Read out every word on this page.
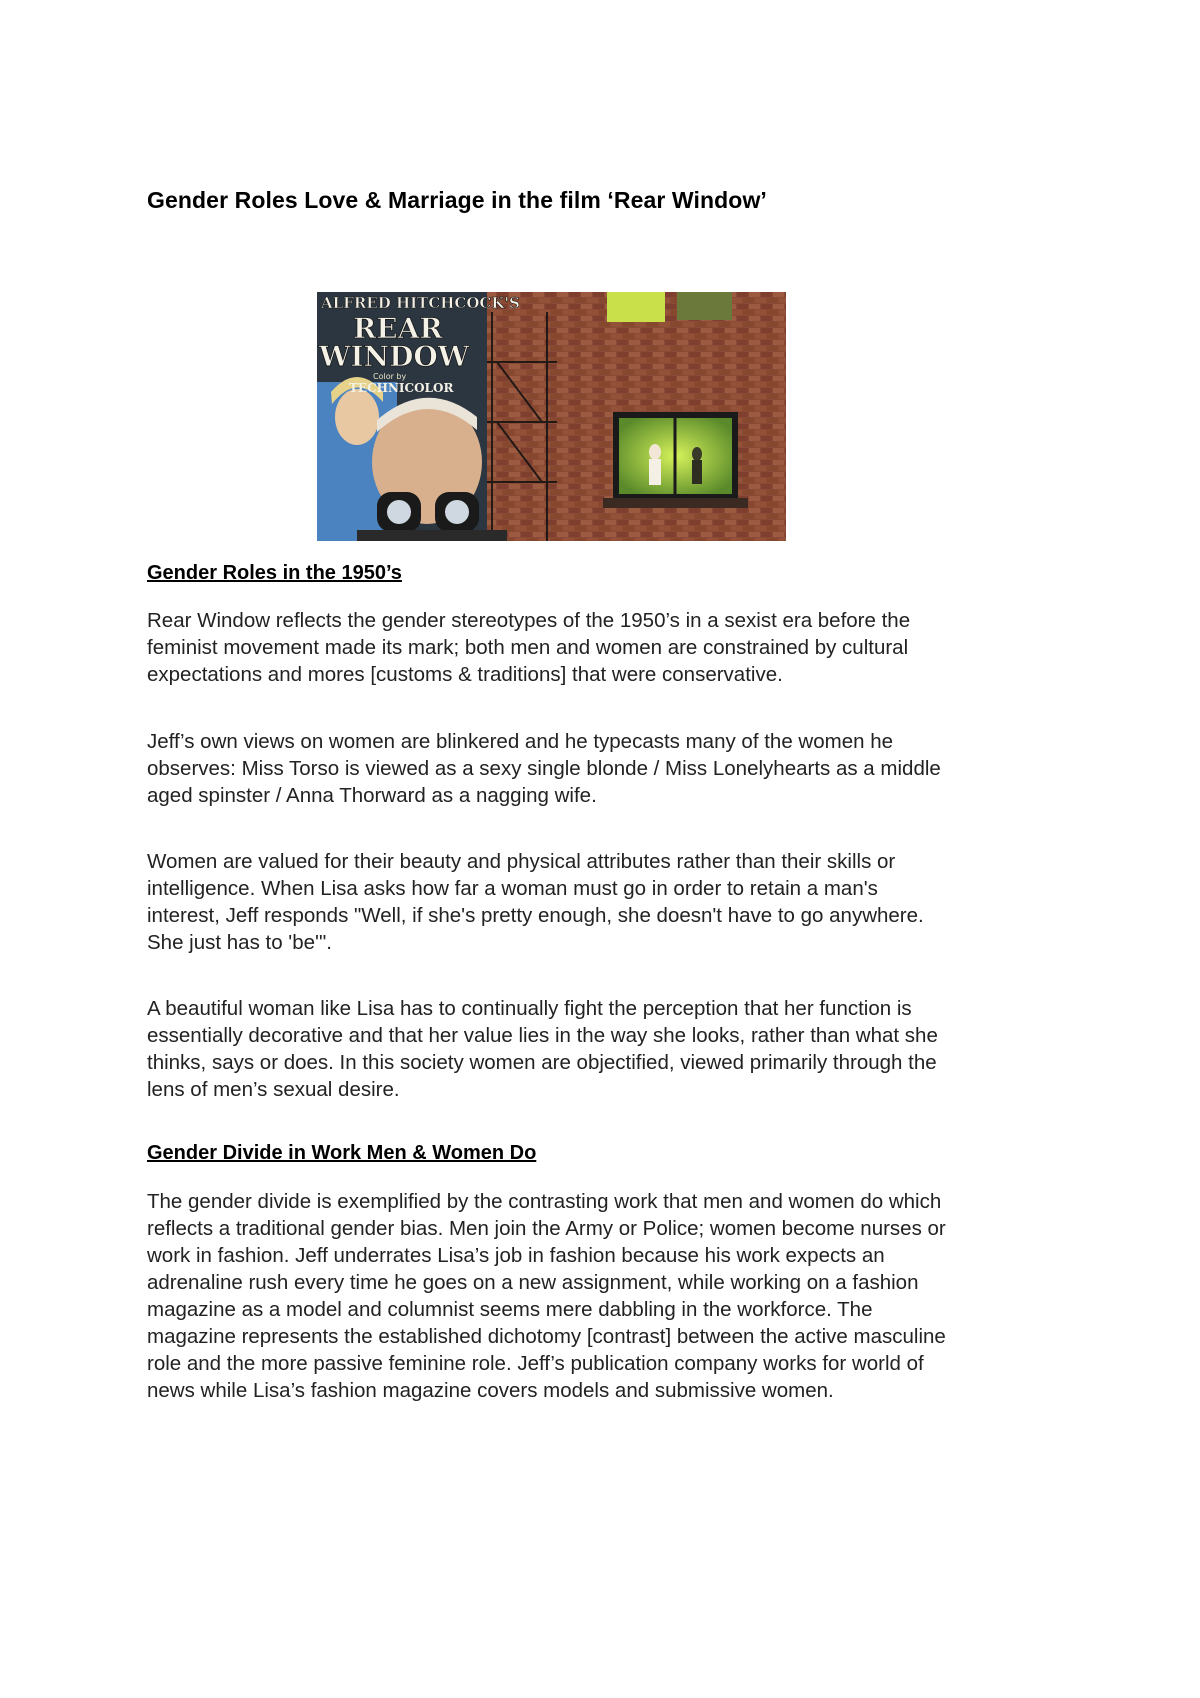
Gender Roles Love & Marriage in the film ‘Rear Window’
ALFRED HITCHCOCK'S
REAR
WINDOW
Color by
TECHNICOLOR
Gender Roles in the 1950’s

Rear Window reflects the gender stereotypes of the 1950’s in a sexist era before the
feminist movement made its mark; both men and women are constrained by cultural
expectations and mores [customs & traditions] that were conservative.

Jeff’s own views on women are blinkered and he typecasts many of the women he
observes: Miss Torso is viewed as a sexy single blonde / Miss Lonelyhearts as a middle
aged spinster / Anna Thorward as a nagging wife.

Women are valued for their beauty and physical attributes rather than their skills or
intelligence. When Lisa asks how far a woman must go in order to retain a man's
interest, Jeff responds "Well, if she's pretty enough, she doesn't have to go anywhere.
She just has to 'be'".

A beautiful woman like Lisa has to continually fight the perception that her function is
essentially decorative and that her value lies in the way she looks, rather than what she
thinks, says or does. In this society women are objectified, viewed primarily through the
lens of men’s sexual desire.

Gender Divide in Work Men & Women Do

The gender divide is exemplified by the contrasting work that men and women do which
reflects a traditional gender bias. Men join the Army or Police; women become nurses or
work in fashion. Jeff underrates Lisa’s job in fashion because his work expects an
adrenaline rush every time he goes on a new assignment, while working on a fashion
magazine as a model and columnist seems mere dabbling in the workforce. The
magazine represents the established dichotomy [contrast] between the active masculine
role and the more passive feminine role. Jeff’s publication company works for world of
news while Lisa’s fashion magazine covers models and submissive women.
